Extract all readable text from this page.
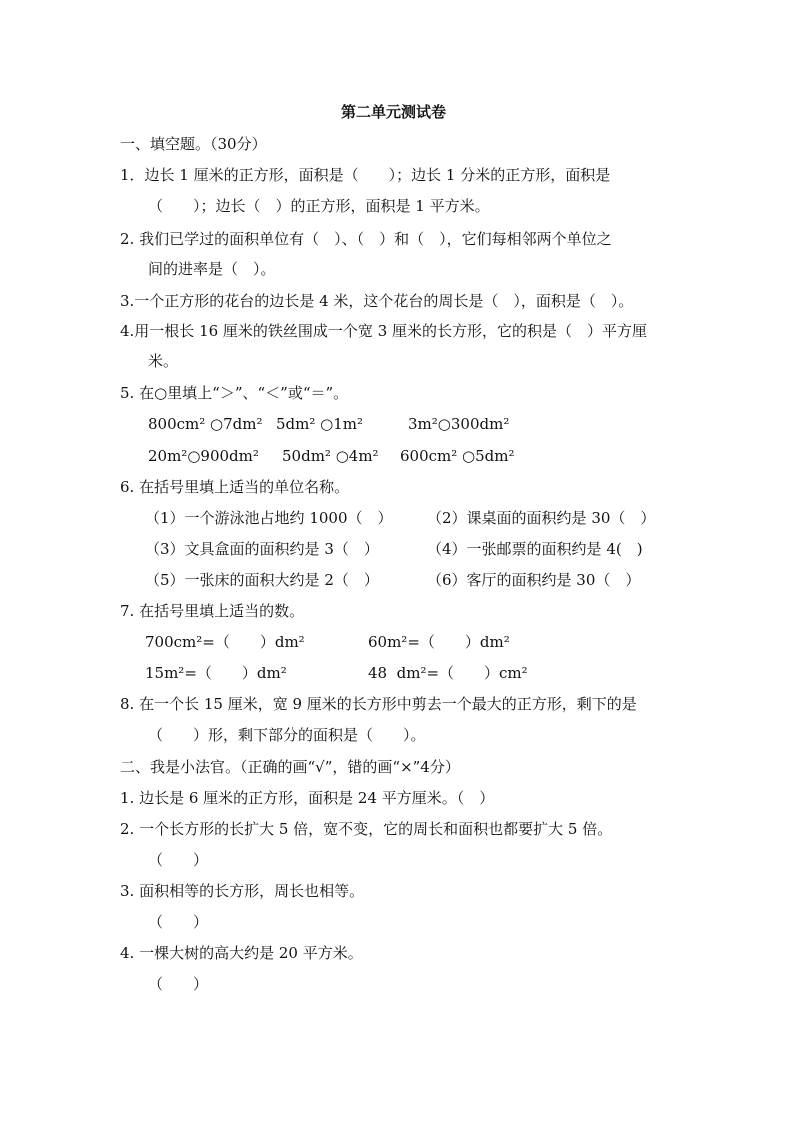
第二单元测试卷
一、填空题。（30分）
1．边长 1 厘米的正方形，面积是（　　）；边长 1 分米的正方形，面积是
（　　）；边长（　）的正方形，面积是 1 平方米。
2. 我们已学过的面积单位有（　）、（　）和（　），它们每相邻两个单位之
间的进率是（　）。
3.一个正方形的花台的边长是 4 米，这个花台的周长是（　），面积是（　）。
4.用一根长 16 厘米的铁丝围成一个宽 3 厘米的长方形，它的积是（　）平方厘
米。
5. 在○里填上“＞”、“＜”或“＝”。
800cm² ○7dm² 5dm² ○1m²	3m²○300dm²
20m²○900dm² 50dm² ○4m² 600cm² ○5dm²
6. 在括号里填上适当的单位名称。
（1）一个游泳池占地约 1000（　） （2）课桌面的面积约是 30（　）
（3）文具盒面的面积约是 3（　）	（4）一张邮票的面积约是 4(　)
（5）一张床的面积大约是 2（　）	（6）客厅的面积约是 30（　）
7. 在括号里填上适当的数。
700cm²=（　　）dm²	60m²=（　　）dm²
15m²=（　　）dm²	48  dm²=（　　）cm²
8. 在一个长 15 厘米，宽 9 厘米的长方形中剪去一个最大的正方形，剩下的是
（　　）形，剩下部分的面积是（　　）。
二、我是小法官。（正确的画“√”，错的画“×”4分）
1. 边长是 6 厘米的正方形，面积是 24 平方厘米。（　）
2. 一个长方形的长扩大 5 倍，宽不变，它的周长和面积也都要扩大 5 倍。
（　　）
3. 面积相等的长方形，周长也相等。
（　　）
4. 一棵大树的高大约是 20 平方米。
（　　）
